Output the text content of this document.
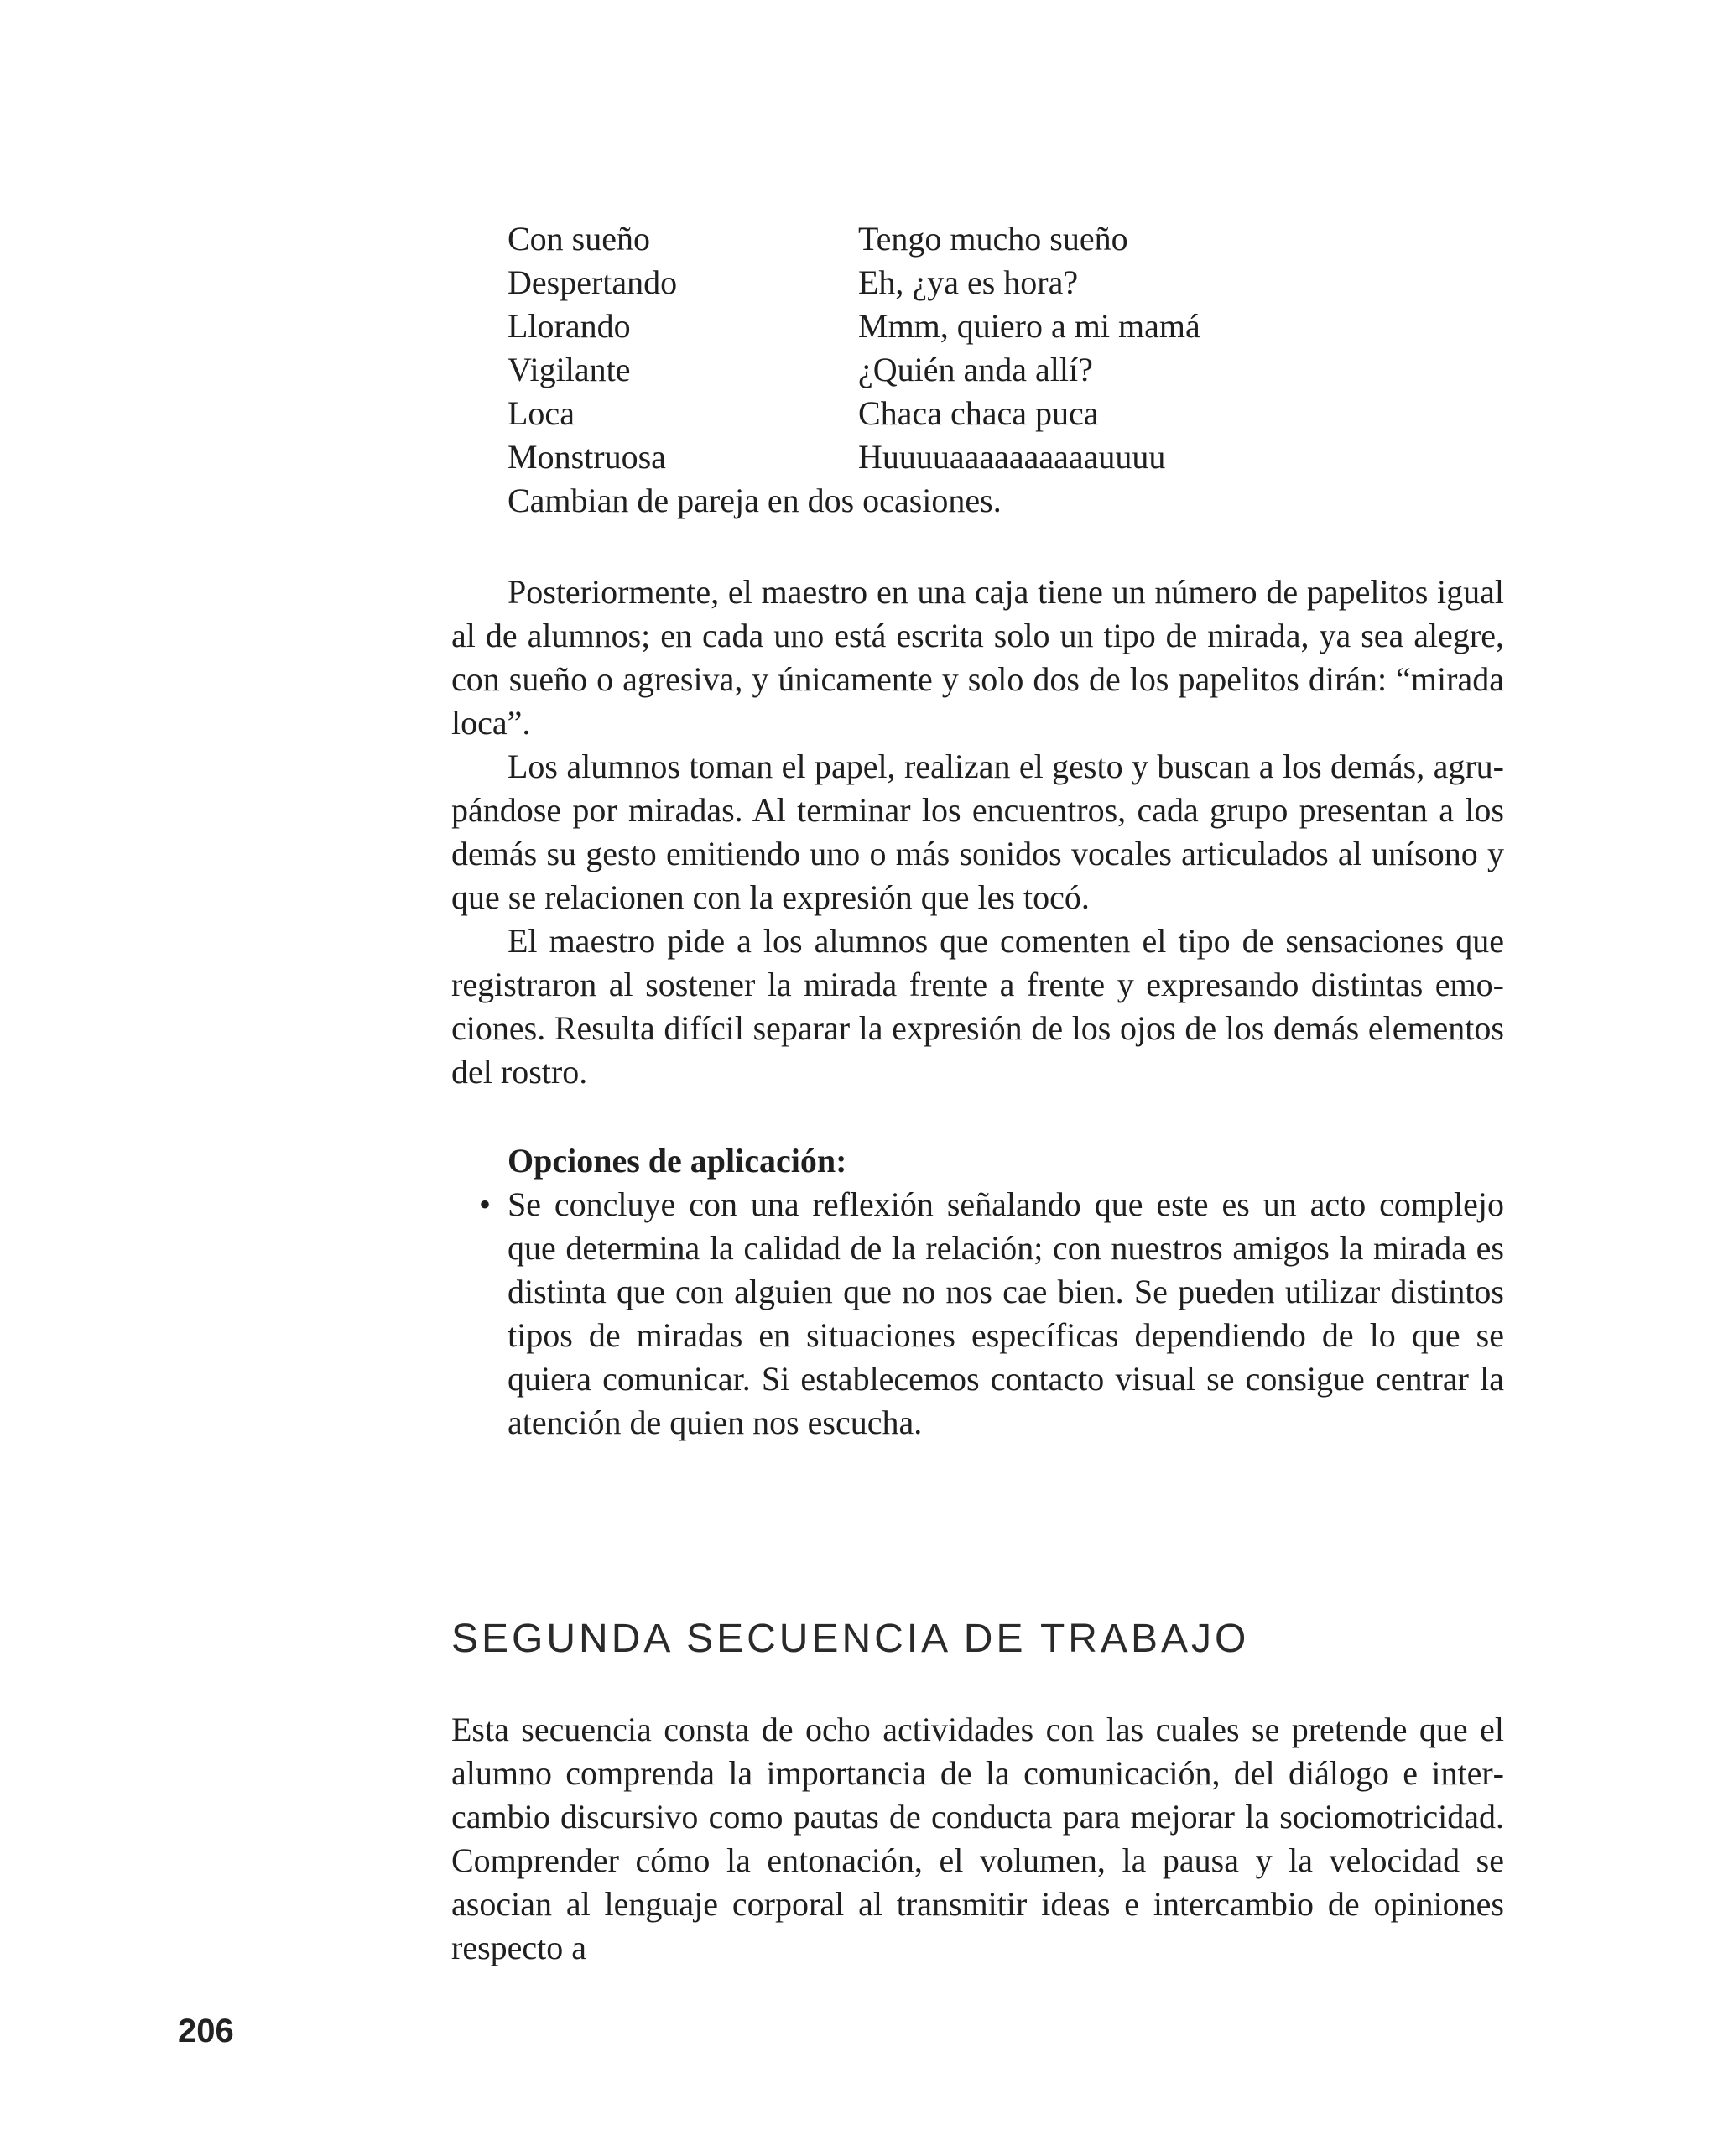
Con sueño	Tengo mucho sueño
Despertando	Eh, ¿ya es hora?
Llorando	Mmm, quiero a mi mamá
Vigilante	¿Quién anda allí?
Loca	Chaca chaca puca
Monstruosa	Huuuuaaaaaaaaaauuuu

Cambian de pareja en dos ocasiones.

Posteriormente, el maestro en una caja tiene un número de papelitos igual al de alumnos; en cada uno está escrita solo un tipo de mirada, ya sea alegre, con sueño o agresiva, y únicamente y solo dos de los papelitos dirán: “mirada loca”.

Los alumnos toman el papel, realizan el gesto y buscan a los demás, agrupándose por miradas. Al terminar los encuentros, cada grupo presentan a los demás su gesto emitiendo uno o más sonidos vocales articulados al unísono y que se relacionen con la expresión que les tocó.

El maestro pide a los alumnos que comenten el tipo de sensaciones que registraron al sostener la mirada frente a frente y expresando distintas emociones. Resulta difícil separar la expresión de los ojos de los demás elementos del rostro.

Opciones de aplicación:
• Se concluye con una reflexión señalando que este es un acto complejo que determina la calidad de la relación; con nuestros amigos la mirada es distinta que con alguien que no nos cae bien. Se pueden utilizar distintos tipos de miradas en situaciones específicas dependiendo de lo que se quiera comunicar. Si establecemos contacto visual se consigue centrar la atención de quien nos escucha.
SEGUNDA SECUENCIA DE TRABAJO

Esta secuencia consta de ocho actividades con las cuales se pretende que el alumno comprenda la importancia de la comunicación, del diálogo e intercambio discursivo como pautas de conducta para mejorar la sociomotricidad. Comprender cómo la entonación, el volumen, la pausa y la velocidad se asocian al lenguaje corporal al transmitir ideas e intercambio de opiniones respecto a

206
